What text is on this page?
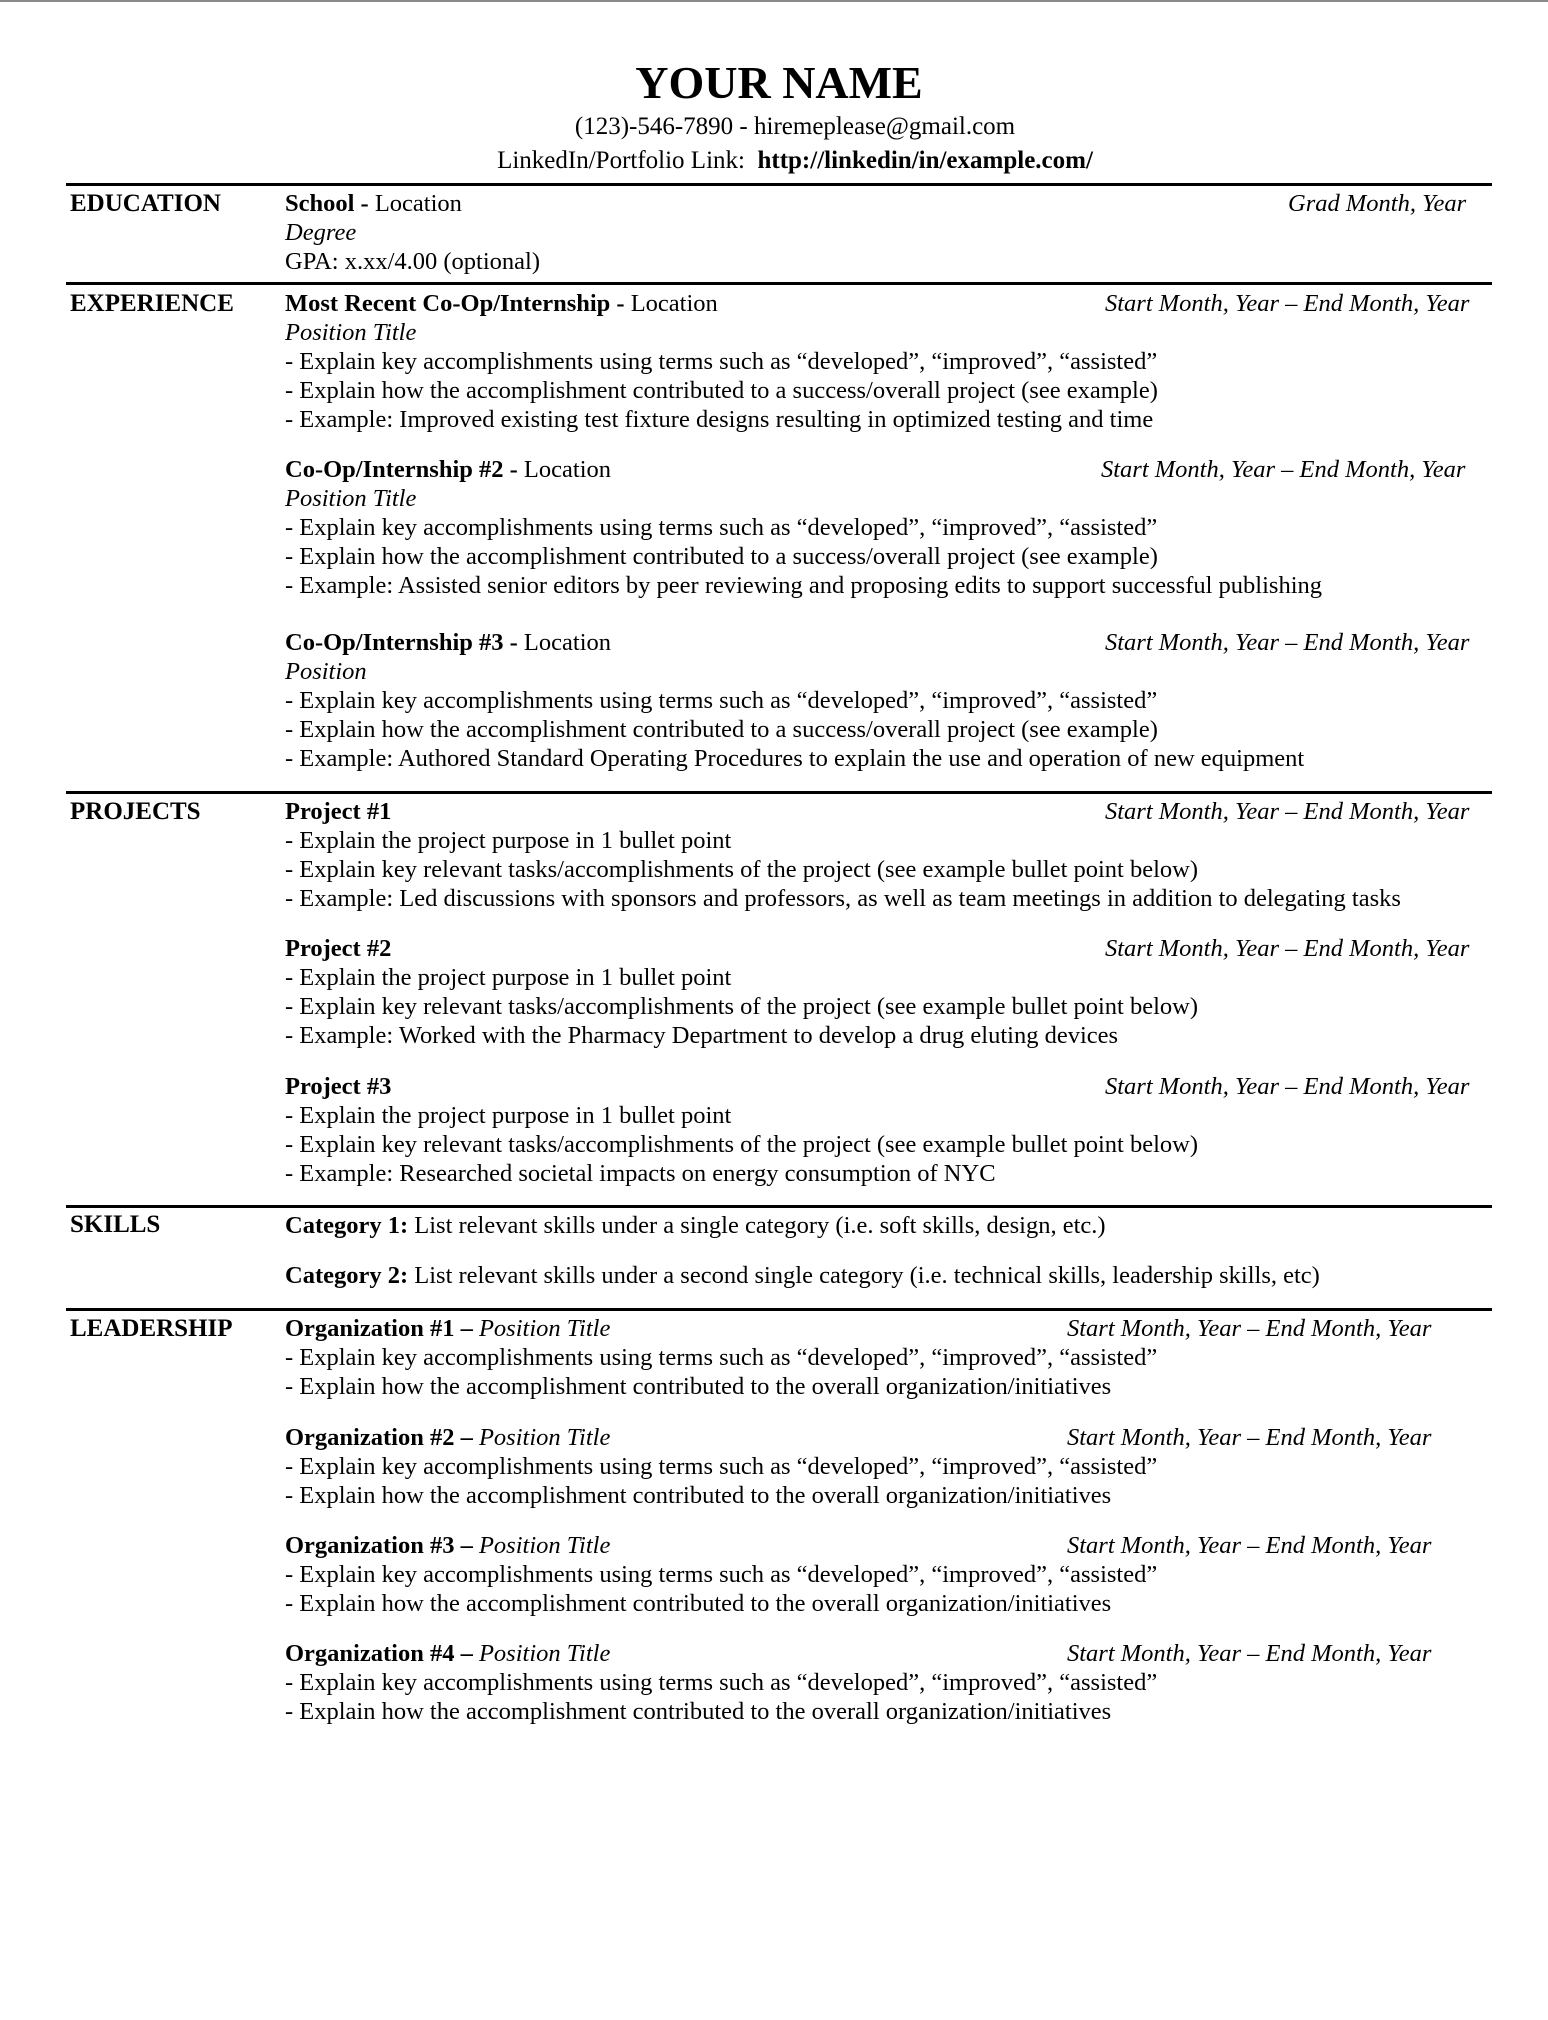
YOUR NAME
(123)-546-7890 - hiremeplease@gmail.com
LinkedIn/Portfolio Link: http://linkedin/in/example.com/
EDUCATION	School - Location	Grad Month, Year
Degree
GPA: x.xx/4.00 (optional)
EXPERIENCE Most Recent Co-Op/Internship - Location	Start Month, Year – End Month, Year
Position Title
- Explain key accomplishments using terms such as “developed”, “improved”, “assisted”
- Explain how the accomplishment contributed to a success/overall project (see example)
- Example: Improved existing test fixture designs resulting in optimized testing and time
Co-Op/Internship #2 - Location	Start Month, Year – End Month, Year
Position Title
- Explain key accomplishments using terms such as “developed”, “improved”, “assisted”
- Explain how the accomplishment contributed to a success/overall project (see example)
- Example: Assisted senior editors by peer reviewing and proposing edits to support successful publishing
Co-Op/Internship #3 - Location	Start Month, Year – End Month, Year
Position
- Explain key accomplishments using terms such as “developed”, “improved”, “assisted”
- Explain how the accomplishment contributed to a success/overall project (see example)
- Example: Authored Standard Operating Procedures to explain the use and operation of new equipment
PROJECTS	Project #1	Start Month, Year – End Month, Year
- Explain the project purpose in 1 bullet point
- Explain key relevant tasks/accomplishments of the project (see example bullet point below)
- Example: Led discussions with sponsors and professors, as well as team meetings in addition to delegating tasks
Project #2	Start Month, Year – End Month, Year
- Explain the project purpose in 1 bullet point
- Explain key relevant tasks/accomplishments of the project (see example bullet point below)
- Example: Worked with the Pharmacy Department to develop a drug eluting devices
Project #3	Start Month, Year – End Month, Year
- Explain the project purpose in 1 bullet point
- Explain key relevant tasks/accomplishments of the project (see example bullet point below)
- Example: Researched societal impacts on energy consumption of NYC
SKILLS	Category 1: List relevant skills under a single category (i.e. soft skills, design, etc.)
Category 2: List relevant skills under a second single category (i.e. technical skills, leadership skills, etc)
LEADERSHIP Organization #1 – Position Title	Start Month, Year – End Month, Year
- Explain key accomplishments using terms such as “developed”, “improved”, “assisted”
- Explain how the accomplishment contributed to the overall organization/initiatives
Organization #2 – Position Title	Start Month, Year – End Month, Year
- Explain key accomplishments using terms such as “developed”, “improved”, “assisted”
- Explain how the accomplishment contributed to the overall organization/initiatives
Organization #3 – Position Title	Start Month, Year – End Month, Year
- Explain key accomplishments using terms such as “developed”, “improved”, “assisted”
- Explain how the accomplishment contributed to the overall organization/initiatives
Organization #4 – Position Title	Start Month, Year – End Month, Year
- Explain key accomplishments using terms such as “developed”, “improved”, “assisted”
- Explain how the accomplishment contributed to the overall organization/initiatives
